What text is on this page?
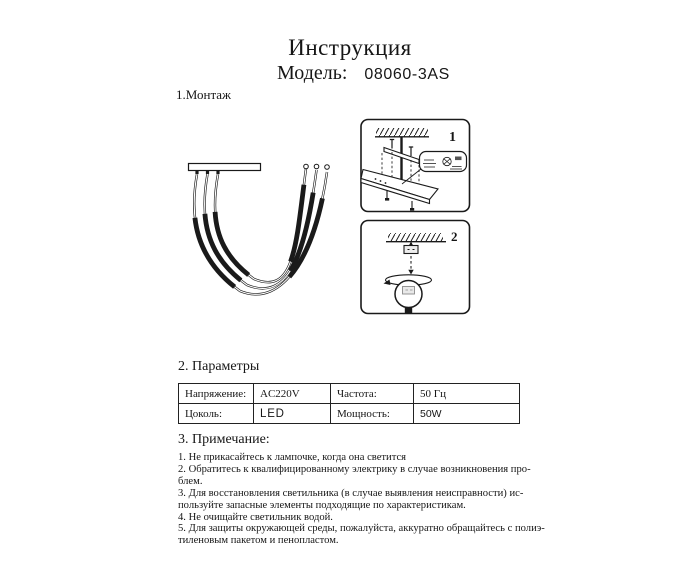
Инструкция
Модель: 08060-3AS
1.Монтаж
1
2
2. Параметры
Напряжение:	AC220V	Частота:	50 Гц
Цоколь:	LED	Мощность:	50W
3. Примечание:
1. Не прикасайтесь к лампочке, когда она светится
2. Обратитесь к квалифицированному электрику в случае возникновения про-
блем.
3. Для восстановления светильника (в случае выявления неисправности) ис-
пользуйте запасные элементы подходящие по характеристикам.
4. Не очищайте светильник водой.
5. Для защиты окружающей среды, пожалуйста, аккуратно обращайтесь с полиэ-
тиленовым пакетом и пенопластом.
